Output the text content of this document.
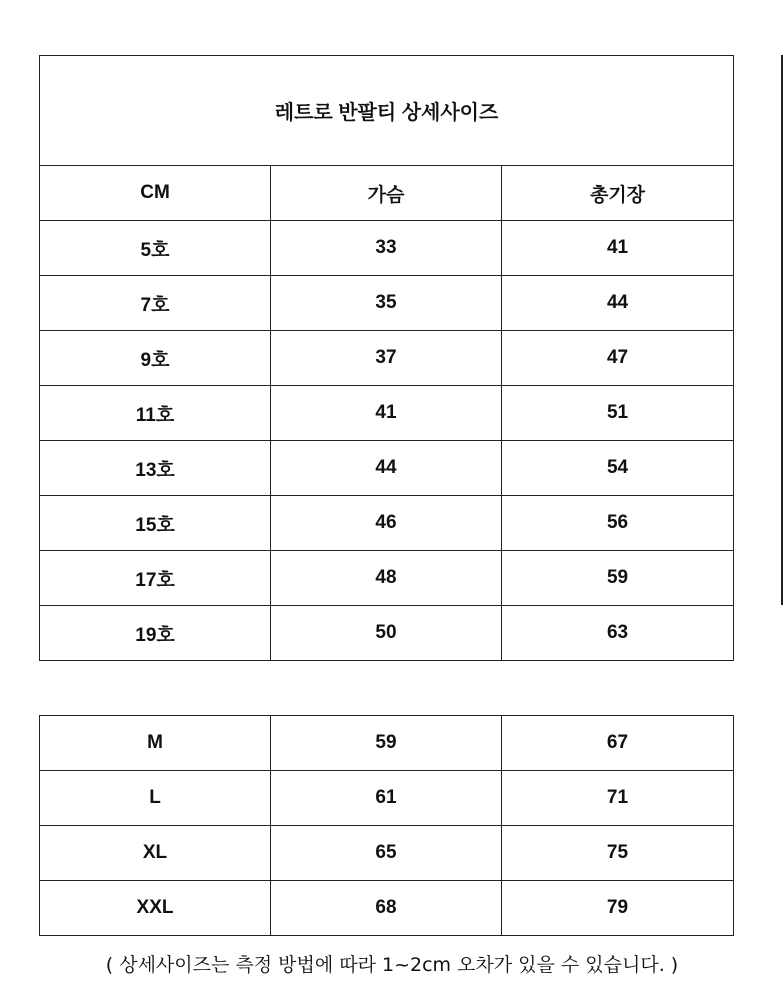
레트로 반팔티 상세사이즈		
CM	가슴	총기장
5호	33	41
7호	35	44
9호	37	47
11호	41	51
13호	44	54
15호	46	56
17호	48	59
19호	50	63
M	59	67
L	61	71
XL	65	75
XXL	68	79
( 상세사이즈는 측정 방법에 따라 1~2cm 오차가 있을 수 있습니다. )
